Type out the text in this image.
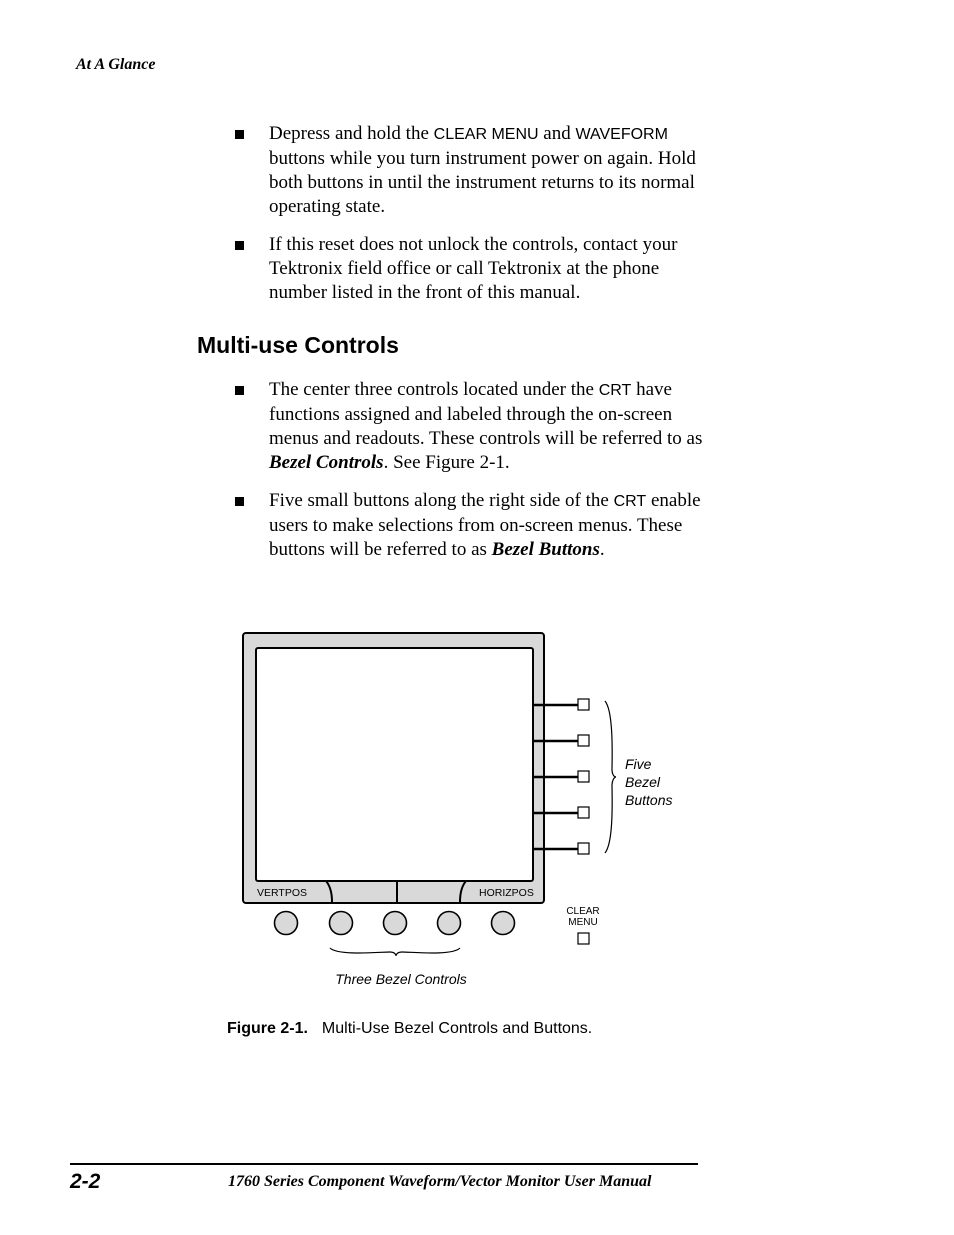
At A Glance
Depress and hold the CLEAR MENU and WAVEFORM buttons while you turn instrument power on again. Hold both buttons in until the instrument returns to its normal operating state.
If this reset does not unlock the controls, contact your Tektronix field office or call Tektronix at the phone number listed in the front of this manual.
Multi-use Controls
The center three controls located under the CRT have functions assigned and labeled through the on-screen menus and readouts. These controls will be referred to as Bezel Controls. See Figure 2-1.
Five small buttons along the right side of the CRT enable users to make selections from on-screen menus. These buttons will be referred to as Bezel Buttons.
VERTPOS	HORIZPOS
Five
Bezel
Buttons
CLEAR
MENU
Three Bezel Controls
Figure 2-1. Multi-Use Bezel Controls and Buttons.
2-2	1760 Series Component Waveform/Vector Monitor User Manual
